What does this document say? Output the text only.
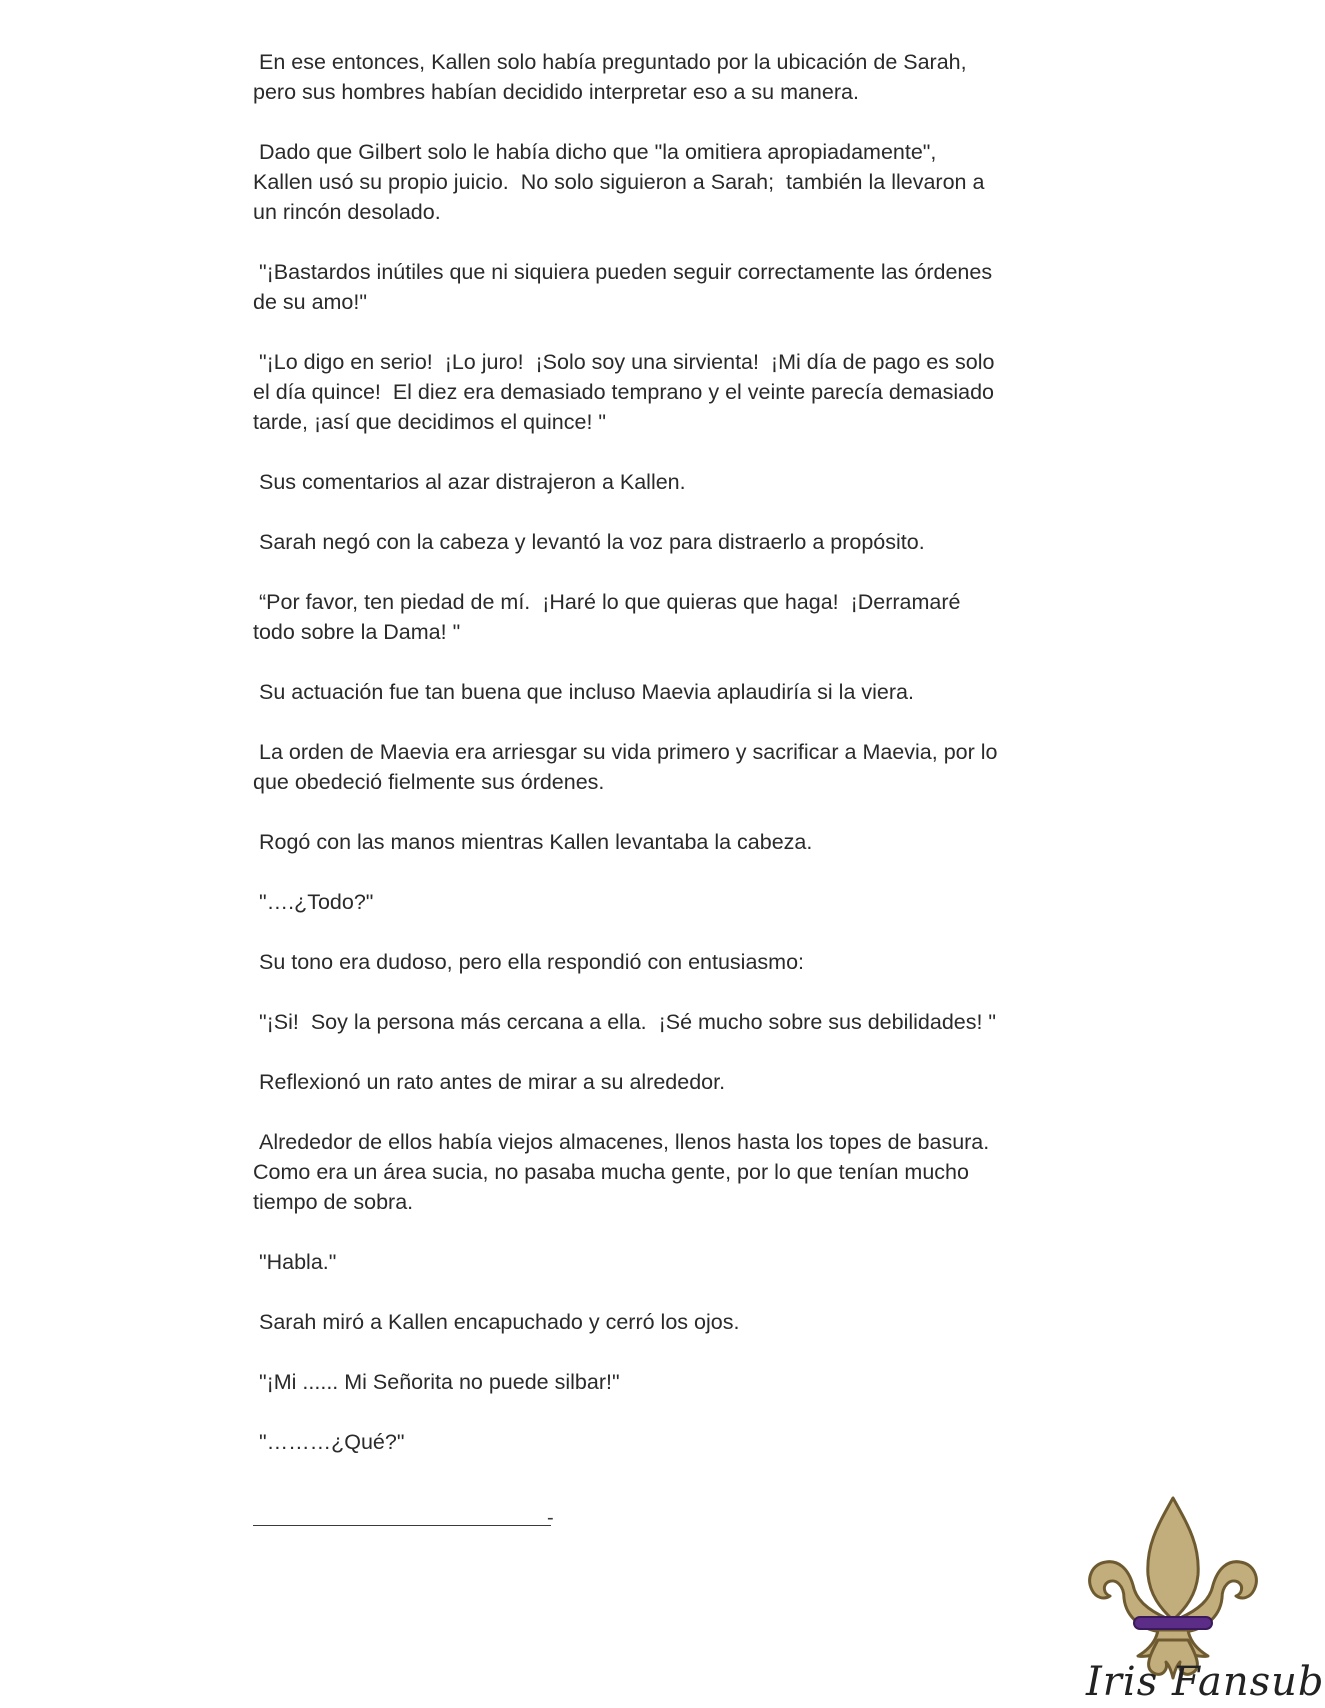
En ese entonces, Kallen solo había preguntado por la ubicación de Sarah,
pero sus hombres habían decidido interpretar eso a su manera.

Dado que Gilbert solo le había dicho que "la omitiera apropiadamente",
Kallen usó su propio juicio.  No solo siguieron a Sarah;  también la llevaron a
un rincón desolado.

"¡Bastardos inútiles que ni siquiera pueden seguir correctamente las órdenes
de su amo!"

"¡Lo digo en serio!  ¡Lo juro!  ¡Solo soy una sirvienta!  ¡Mi día de pago es solo
el día quince!  El diez era demasiado temprano y el veinte parecía demasiado
tarde, ¡así que decidimos el quince! "

Sus comentarios al azar distrajeron a Kallen.

Sarah negó con la cabeza y levantó la voz para distraerlo a propósito.

“Por favor, ten piedad de mí.  ¡Haré lo que quieras que haga!  ¡Derramaré
todo sobre la Dama! "

Su actuación fue tan buena que incluso Maevia aplaudiría si la viera.

La orden de Maevia era arriesgar su vida primero y sacrificar a Maevia, por lo
que obedeció fielmente sus órdenes.

Rogó con las manos mientras Kallen levantaba la cabeza.

"….¿Todo?"

Su tono era dudoso, pero ella respondió con entusiasmo:

"¡Si!  Soy la persona más cercana a ella.  ¡Sé mucho sobre sus debilidades! "

Reflexionó un rato antes de mirar a su alrededor.

Alrededor de ellos había viejos almacenes, llenos hasta los topes de basura.
Como era un área sucia, no pasaba mucha gente, por lo que tenían mucho
tiempo de sobra.

"Habla."

Sarah miró a Kallen encapuchado y cerró los ojos.

"¡Mi ...... Mi Señorita no puede silbar!"

"………¿Qué?"

-
Iris Fansub
